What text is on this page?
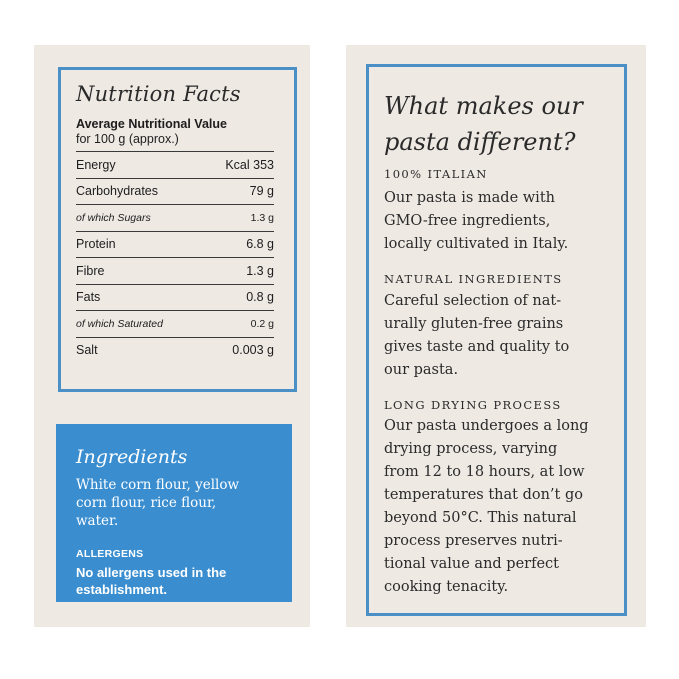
Nutrition Facts
Average Nutritional Value
for 100 g (approx.)
Energy	Kcal 353
Carbohydrates	79 g
of which Sugars	1.3 g
Protein	6.8 g
Fibre	1.3 g
Fats	0.8 g
of which Saturated	0.2 g
Salt	0.003 g
Ingredients
White corn flour, yellow
corn flour, rice flour,
water.
ALLERGENS
No allergens used in the
establishment.
What makes our
pasta different?
100% ITALIAN
Our pasta is made with
GMO-free ingredients,
locally cultivated in Italy.
NATURAL INGREDIENTS
Careful selection of nat-
urally gluten-free grains
gives taste and quality to
our pasta.
LONG DRYING PROCESS
Our pasta undergoes a long
drying process, varying
from 12 to 18 hours, at low
temperatures that don’t go
beyond 50°C. This natural
process preserves nutri-
tional value and perfect
cooking tenacity.
